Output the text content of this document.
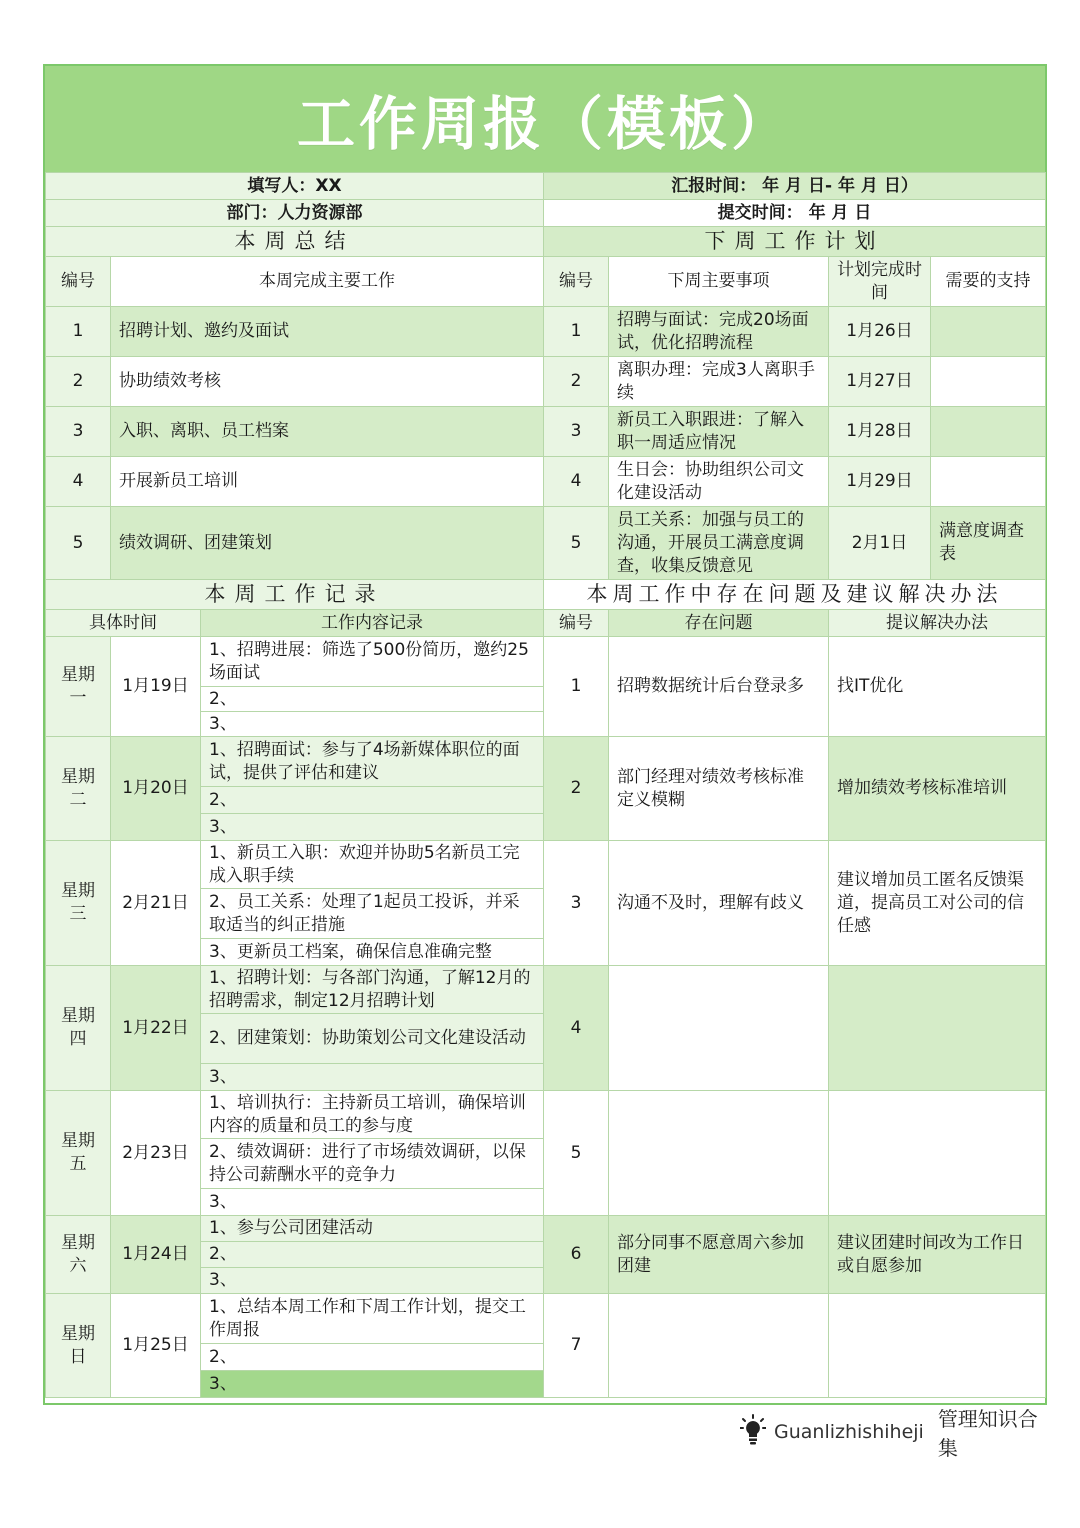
工作周报（模板）
填写人：XX			汇报时间： 年 月 日- 年 月 日）			
部门：人力资源部			提交时间： 年 月 日			
本周总结			下周工作计划			
编号	本周完成主要工作		编号	下周主要事项	计划完成时间	需要的支持
1	招聘计划、邀约及面试		1	招聘与面试：完成20场面试，优化招聘流程	1月26日	
2	协助绩效考核		2	离职办理：完成3人离职手续	1月27日	
3	入职、离职、员工档案		3	新员工入职跟进：了解入职一周适应情况	1月28日	
4	开展新员工培训		4	生日会：协助组织公司文化建设活动	1月29日	
5	绩效调研、团建策划		5	员工关系：加强与员工的沟通，开展员工满意度调查，收集反馈意见	2月1日	满意度调查表
本周工作记录			本周工作中存在问题及建议解决办法			
具体时间		工作内容记录	编号	存在问题	提议解决办法	
星期一	1月19日	1、招聘进展：筛选了500份简历，邀约25场面试	1	招聘数据统计后台登录多	找IT优化	
		2、				
		3、				
星期二	1月20日	1、招聘面试：参与了4场新媒体职位的面试，提供了评估和建议	2	部门经理对绩效考核标准定义模糊	增加绩效考核标准培训	
		2、				
		3、				
星期三	2月21日	1、新员工入职：欢迎并协助5名新员工完成入职手续	3	沟通不及时，理解有歧义	建议增加员工匿名反馈渠道，提高员工对公司的信任感	
		2、员工关系：处理了1起员工投诉，并采取适当的纠正措施				
		3、更新员工档案，确保信息准确完整				
星期四	1月22日	1、招聘计划：与各部门沟通，了解12月的招聘需求，制定12月招聘计划	4			
		2、团建策划：协助策划公司文化建设活动				
		3、				
星期五	2月23日	1、培训执行：主持新员工培训，确保培训内容的质量和员工的参与度	5			
		2、绩效调研：进行了市场绩效调研，以保持公司薪酬水平的竞争力				
		3、				
星期六	1月24日	1、参与公司团建活动	6	部分同事不愿意周六参加团建	建议团建时间改为工作日或自愿参加	
		2、				
		3、				
星期日	1月25日	1、总结本周工作和下周工作计划，提交工作周报	7			
		2、				
		3、				
Guanlizhishiheji
管理知识合集
